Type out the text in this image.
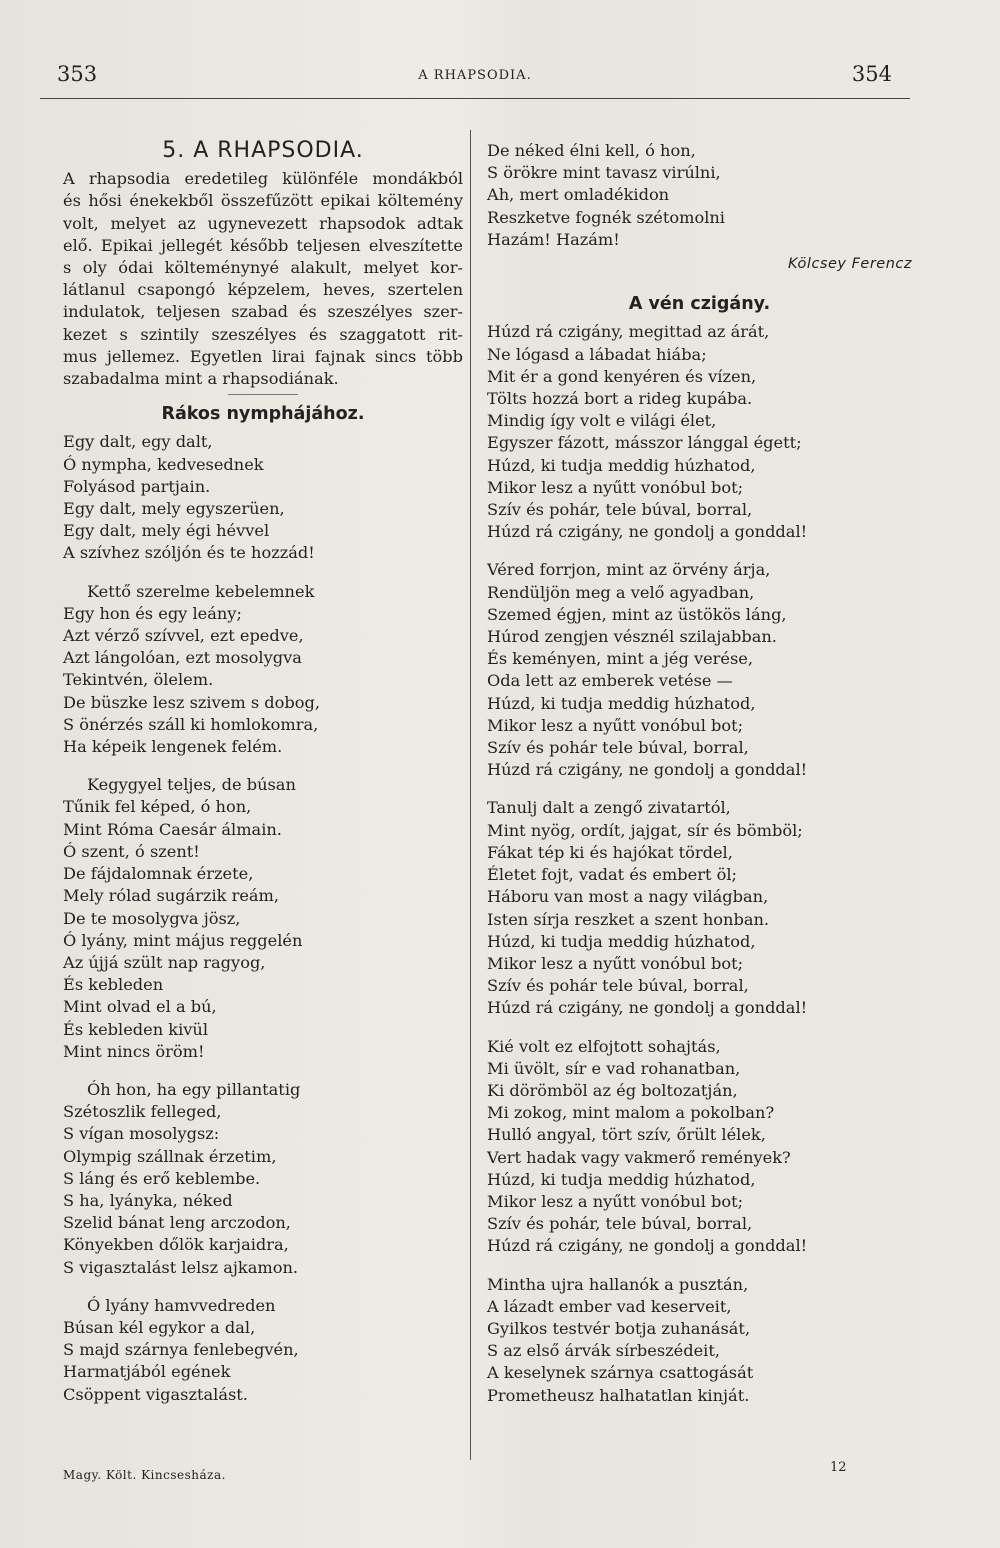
353	A RHAPSODIA.	354
5. A RHAPSODIA.
A rhapsodia eredetileg különféle mondákból
és hősi énekekből összefűzött epikai költemény
volt, melyet az ugynevezett rhapsodok adtak
elő. Epikai jellegét később teljesen elveszítette
s oly ódai költeménynyé alakult, melyet kor-
látlanul csapongó képzelem, heves, szertelen
indulatok, teljesen szabad és szeszélyes szer-
kezet s szintily szeszélyes és szaggatott rit-
mus jellemez. Egyetlen lirai fajnak sincs több
szabadalma mint a rhapsodiának.
Rákos nymphájához.
Egy dalt, egy dalt,
Ó nympha, kedvesednek
Folyásod partjain.
Egy dalt, mely egyszerüen,
Egy dalt, mely égi hévvel
A szívhez szóljón és te hozzád!
Kettő szerelme kebelemnek
Egy hon és egy leány;
Azt vérző szívvel, ezt epedve,
Azt lángolóan, ezt mosolygva
Tekintvén, ölelem.
De büszke lesz szivem s dobog,
S önérzés száll ki homlokomra,
Ha képeik lengenek felém.
Kegygyel teljes, de búsan
Tűnik fel képed, ó hon,
Mint Róma Caesár álmain.
Ó szent, ó szent!
De fájdalomnak érzete,
Mely rólad sugárzik reám,
De te mosolygva jösz,
Ó lyány, mint május reggelén
Az újjá szült nap ragyog,
És kebleden
Mint olvad el a bú,
És kebleden kivül
Mint nincs öröm!
Óh hon, ha egy pillantatig
Szétoszlik felleged,
S vígan mosolygsz:
Olympig szállnak érzetim,
S láng és erő keblembe.
S ha, lyányka, néked
Szelid bánat leng arczodon,
Könyekben dőlök karjaidra,
S vigasztalást lelsz ajkamon.
Ó lyány hamvvedreden
Búsan kél egykor a dal,
S majd szárnya fenlebegvén,
Harmatjából egének
Csöppent vigasztalást.
De néked élni kell, ó hon,
S örökre mint tavasz virúlni,
Ah, mert omladékidon
Reszketve fognék szétomolni
Hazám! Hazám!
Kölcsey Ferencz
A vén czigány.
Húzd rá czigány, megittad az árát,
Ne lógasd a lábadat hiába;
Mit ér a gond kenyéren és vízen,
Tölts hozzá bort a rideg kupába.
Mindig így volt e világi élet,
Egyszer fázott, másszor lánggal égett;
Húzd, ki tudja meddig húzhatod,
Mikor lesz a nyűtt vonóbul bot;
Szív és pohár, tele búval, borral,
Húzd rá czigány, ne gondolj a gonddal!
Véred forrjon, mint az örvény árja,
Rendüljön meg a velő agyadban,
Szemed égjen, mint az üstökös láng,
Húrod zengjen vésznél szilajabban.
És keményen, mint a jég verése,
Oda lett az emberek vetése —
Húzd, ki tudja meddig húzhatod,
Mikor lesz a nyűtt vonóbul bot;
Szív és pohár tele búval, borral,
Húzd rá czigány, ne gondolj a gonddal!
Tanulj dalt a zengő zivatartól,
Mint nyög, ordít, jajgat, sír és bömböl;
Fákat tép ki és hajókat tördel,
Életet fojt, vadat és embert öl;
Háboru van most a nagy világban,
Isten sírja reszket a szent honban.
Húzd, ki tudja meddig húzhatod,
Mikor lesz a nyűtt vonóbul bot;
Szív és pohár tele búval, borral,
Húzd rá czigány, ne gondolj a gonddal!
Kié volt ez elfojtott sohajtás,
Mi üvölt, sír e vad rohanatban,
Ki dörömböl az ég boltozatján,
Mi zokog, mint malom a pokolban?
Hulló angyal, tört szív, őrült lélek,
Vert hadak vagy vakmerő remények?
Húzd, ki tudja meddig húzhatod,
Mikor lesz a nyűtt vonóbul bot;
Szív és pohár, tele búval, borral,
Húzd rá czigány, ne gondolj a gonddal!
Mintha ujra hallanók a pusztán,
A lázadt ember vad keserveit,
Gyilkos testvér botja zuhanását,
S az első árvák sírbeszédeit,
A keselynek szárnya csattogását
Prometheusz halhatatlan kinját.
Magy. Költ. Kincsesháza.	12
